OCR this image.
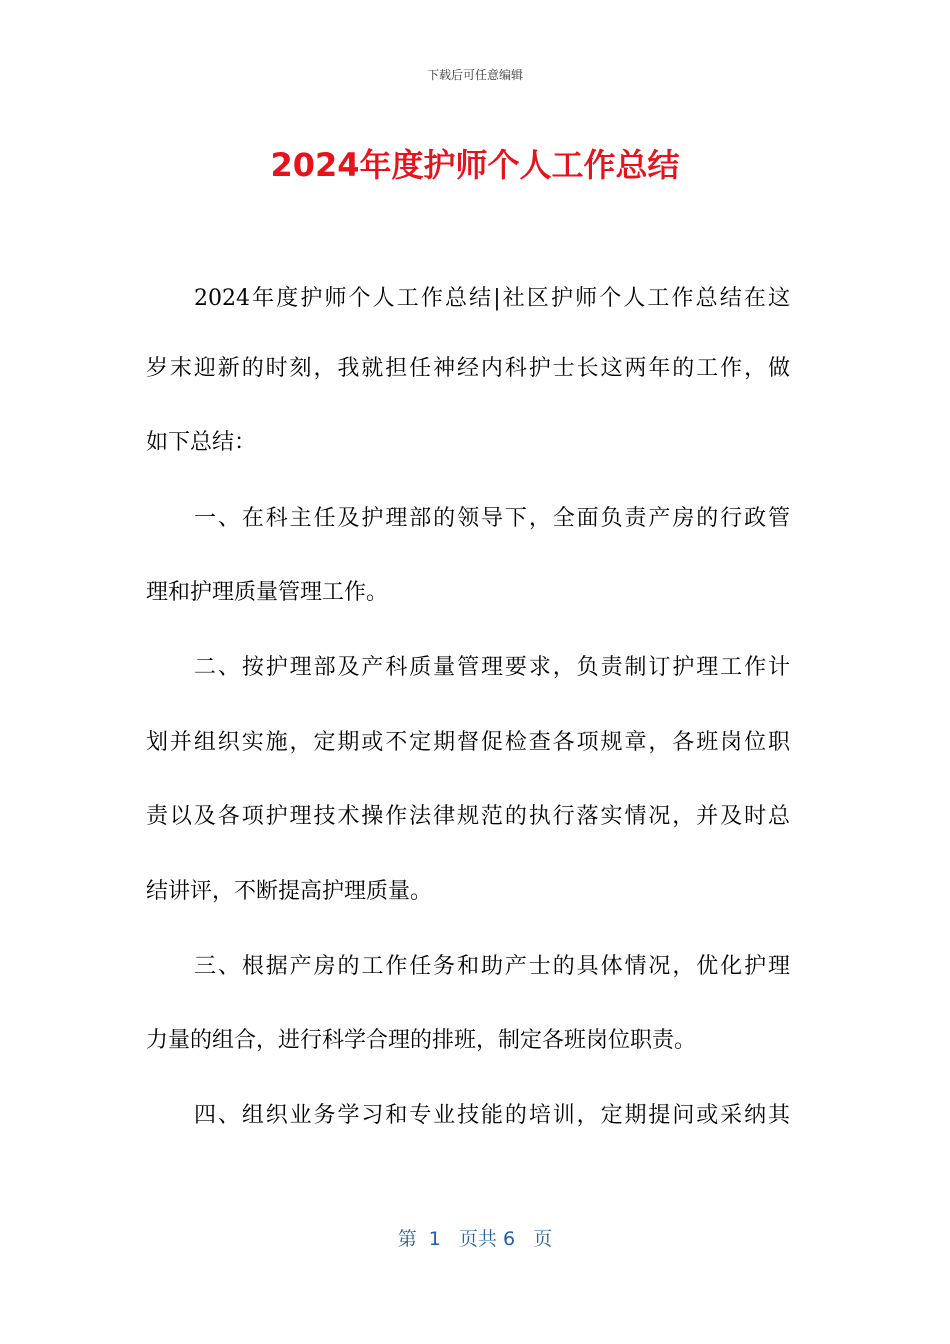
下载后可任意编辑
2024年度护师个人工作总结
2024年度护师个人工作总结|社区护师个人工作总结在这
岁末迎新的时刻，我就担任神经内科护士长这两年的工作，做
如下总结：
一、在科主任及护理部的领导下，全面负责产房的行政管
理和护理质量管理工作。
二、按护理部及产科质量管理要求，负责制订护理工作计
划并组织实施，定期或不定期督促检查各项规章，各班岗位职
责以及各项护理技术操作法律规范的执行落实情况，并及时总
结讲评，不断提高护理质量。
三、根据产房的工作任务和助产士的具体情况，优化护理
力量的组合，进行科学合理的排班，制定各班岗位职责。
四、组织业务学习和专业技能的培训，定期提问或采纳其
第  1   页共 6   页
